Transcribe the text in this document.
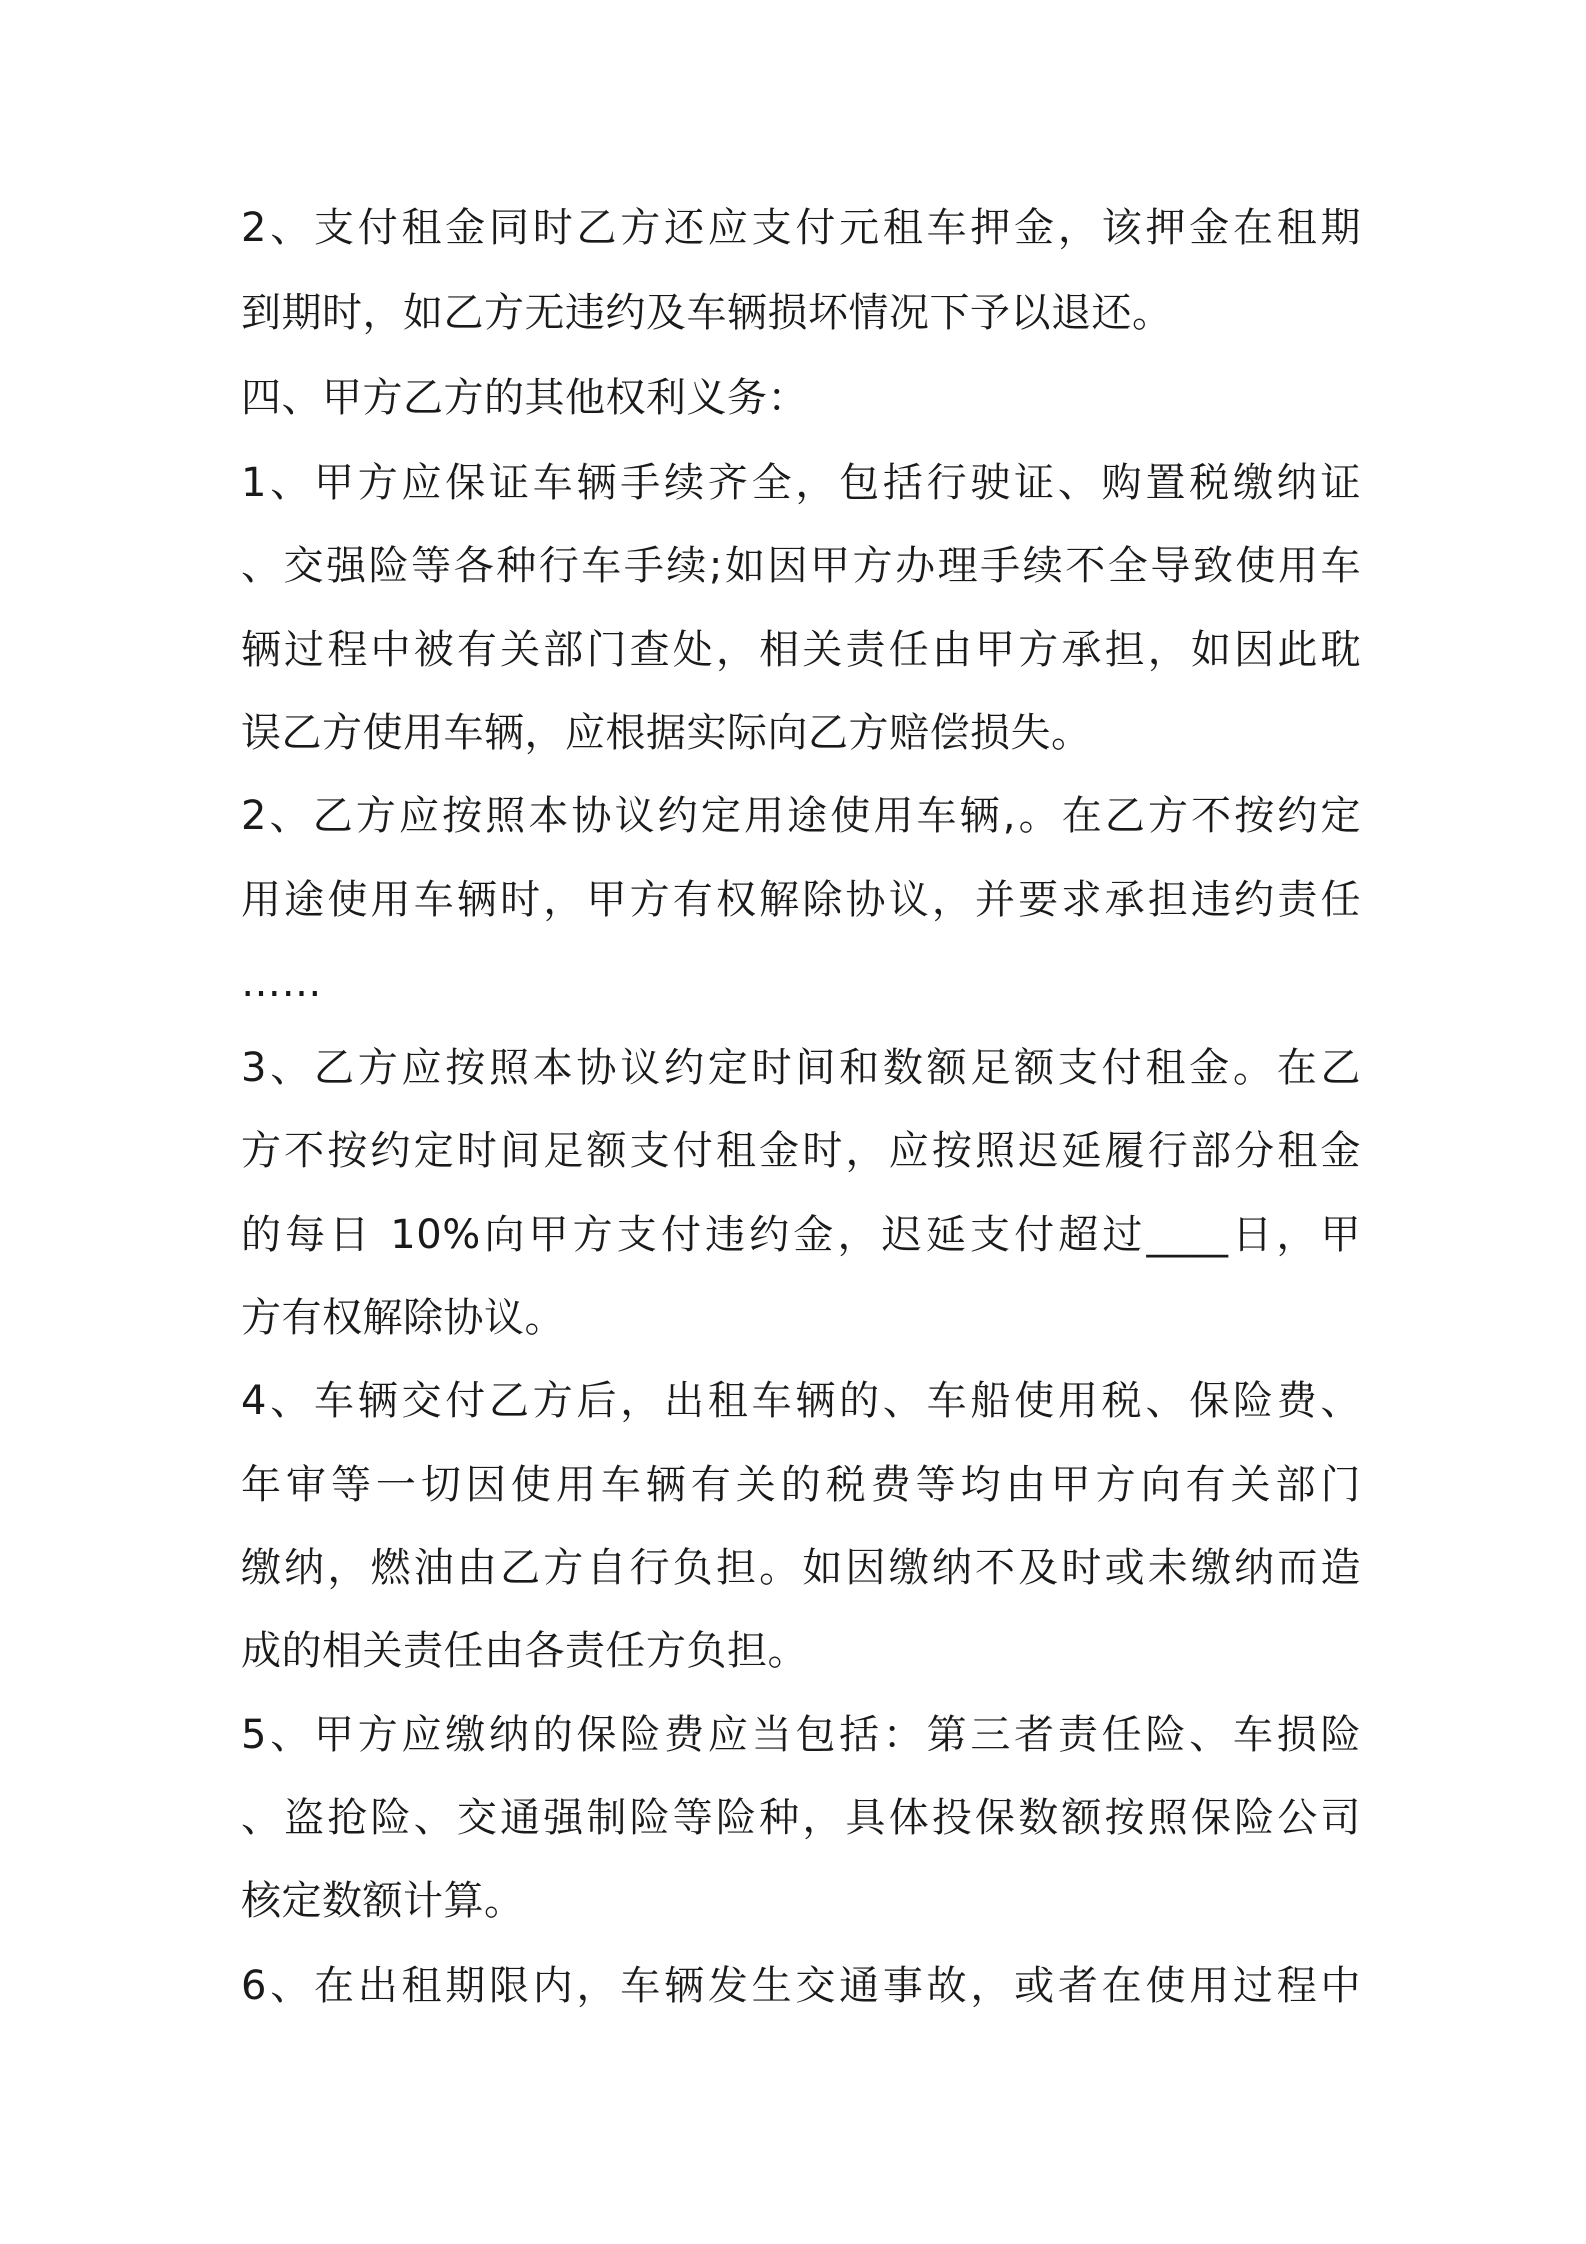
2、支付租金同时乙方还应支付元租车押金，该押金在租期
到期时，如乙方无违约及车辆损坏情况下予以退还。
四、甲方乙方的其他权利义务：
1、甲方应保证车辆手续齐全，包括行驶证、购置税缴纳证
、交强险等各种行车手续;如因甲方办理手续不全导致使用车
辆过程中被有关部门查处，相关责任由甲方承担，如因此耽
误乙方使用车辆，应根据实际向乙方赔偿损失。
2、乙方应按照本协议约定用途使用车辆,。在乙方不按约定
用途使用车辆时，甲方有权解除协议，并要求承担违约责任
……
3、乙方应按照本协议约定时间和数额足额支付租金。在乙
方不按约定时间足额支付租金时，应按照迟延履行部分租金
的每日 10%向甲方支付违约金，迟延支付超过____日，甲
方有权解除协议。
4、车辆交付乙方后，出租车辆的、车船使用税、保险费、
年审等一切因使用车辆有关的税费等均由甲方向有关部门
缴纳，燃油由乙方自行负担。如因缴纳不及时或未缴纳而造
成的相关责任由各责任方负担。
5、甲方应缴纳的保险费应当包括：第三者责任险、车损险
、盗抢险、交通强制险等险种，具体投保数额按照保险公司
核定数额计算。
6、在出租期限内，车辆发生交通事故，或者在使用过程中
